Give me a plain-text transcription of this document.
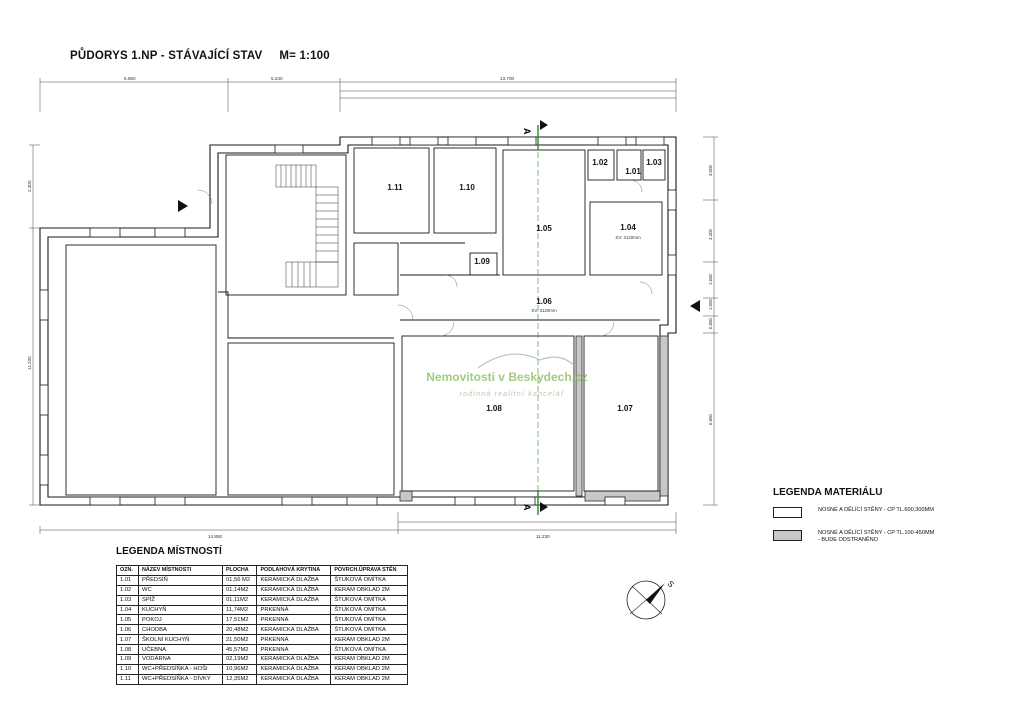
PŮDORYS 1.NP - STÁVAJÍCÍ STAV     M= 1:100
6.650	5.230	13.700
2.300
11.200
3.000
3.300
1.650
1.000
0.850
6.850
14.850	11.230
A
A
1.11	1.10
1.05
1.02
1.01
1.03
1.04
1.09
1.06
1.08	1.07
SV: 3120mm
SV: 3120mm
Nemovitosti v Beskydech.cz
rodinná realitní kancelář
S
LEGENDA MÍSTNOSTÍ
OZN.	NÁZEV MÍSTNOSTI	PLOCHA	PODLAHOVÁ KRYTINA	POVRCH.ÚPRAVA STĚN
1.01	PŘEDSÍŇ	01,56 M2	KERAMICKÁ DLAŽBA	ŠTUKOVÁ OMÍTKA
1.02	WC	01,14M2	KERAMICKÁ DLAŽBA	KERAM OBKLAD 2M
1.03	SPÍŽ	01,11M2	KERAMICKÁ DLAŽBA	ŠTUKOVÁ OMÍTKA
1.04	KUCHYŇ	11,74M2	PRKENNÁ	ŠTUKOVÁ OMÍTKA
1.05	POKOJ	17,51M2	PRKENNÁ	ŠTUKOVÁ OMÍTKA
1.06	CHODBA	20,48M2	KERAMICKÁ DLAŽBA	ŠTUKOVÁ OMÍTKA
1.07	ŠKOLNÍ KUCHYŇ	21,50M2	PRKENNÁ	KERAM OBKLAD 2M
1.08	UČEBNA	45,57M2	PRKENNÁ	ŠTUKOVÁ OMÍTKA
1.09	VODÁRNA	02,19M2	KERAMICKÁ DLAŽBA	KERAM OBKLAD 2M
1.10	WC+PŘEDSÍŇKA - HOŠI	10,96M2	KERAMICKÁ DLAŽBA	KERAM OBKLAD 2M
1.11	WC+PŘEDSÍŇKA - DÍVKY	12,35M2	KERAMICKÁ DLAŽBA	KERAM OBKLAD 2M
LEGENDA MATERIÁLU
NOSNÉ A DĚLÍCÍ STĚNY - CP TL.600,300MM
NOSNÉ A DĚLÍCÍ STĚNY - CP TL.100-450MM
- BUDE ODSTRANĚNO
